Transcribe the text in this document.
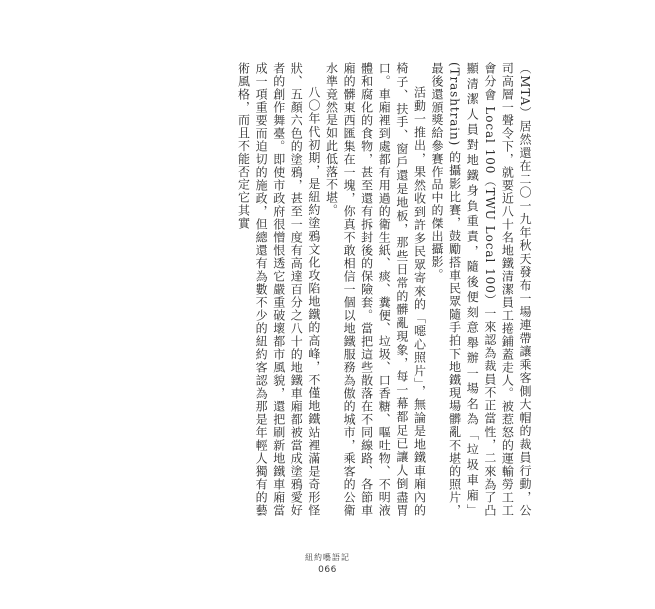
（MTA）居然還在二〇一九年秋天發布一場連帶讓乘客側大帽的裁員行動，公司高層一聲令下，就要近八十名地鐵清潔員工捲鋪蓋走人。被惹怒的運輸勞工工會分會 Local 100（TWU Local 100）一來認為裁員不正當性，二來為了凸顯清潔人員對地鐵身負重責，隨後便刻意舉辦一場名為「垃圾車廂」(Trashtrain) 的攝影比賽，鼓勵搭車民眾隨手拍下地鐵現場髒亂不堪的照片，最後還頒獎給參賽作品中的傑出攝影。

活動一推出，果然收到許多民眾寄來的「噁心照片」，無論是地鐵車廂內的椅子、扶手、窗戶還是地板，那些日常的髒亂現象，每一幕都足已讓人倒盡胃口。車廂裡到處都有用過的衛生紙、痰、糞便、垃圾、口香糖、嘔吐物、不明液體和腐化的食物，甚至還有拆封後的保險套。當把這些散落在不同線路、各節車廂的髒東西匯集在一塊，你真不敢相信一個以地鐵服務為傲的城市，乘客的公衛水準竟然是如此低落不堪。

八〇年代初期，是紐約塗鴉文化攻陷地鐵的高峰，不僅地鐵站裡滿是奇形怪狀、五顏六色的塗鴉，甚至一度有高達百分之八十的地鐵車廂都被當成塗鴉愛好者的創作舞臺。即使市政府很憎恨透它嚴重破壞都市風貌，還把刷新地鐵車廂當成一項重要而迫切的施政，但總還有為數不少的紐約客認為那是年輕人獨有的藝術風格，而且不能否定它其實

紐約囈語記
066
